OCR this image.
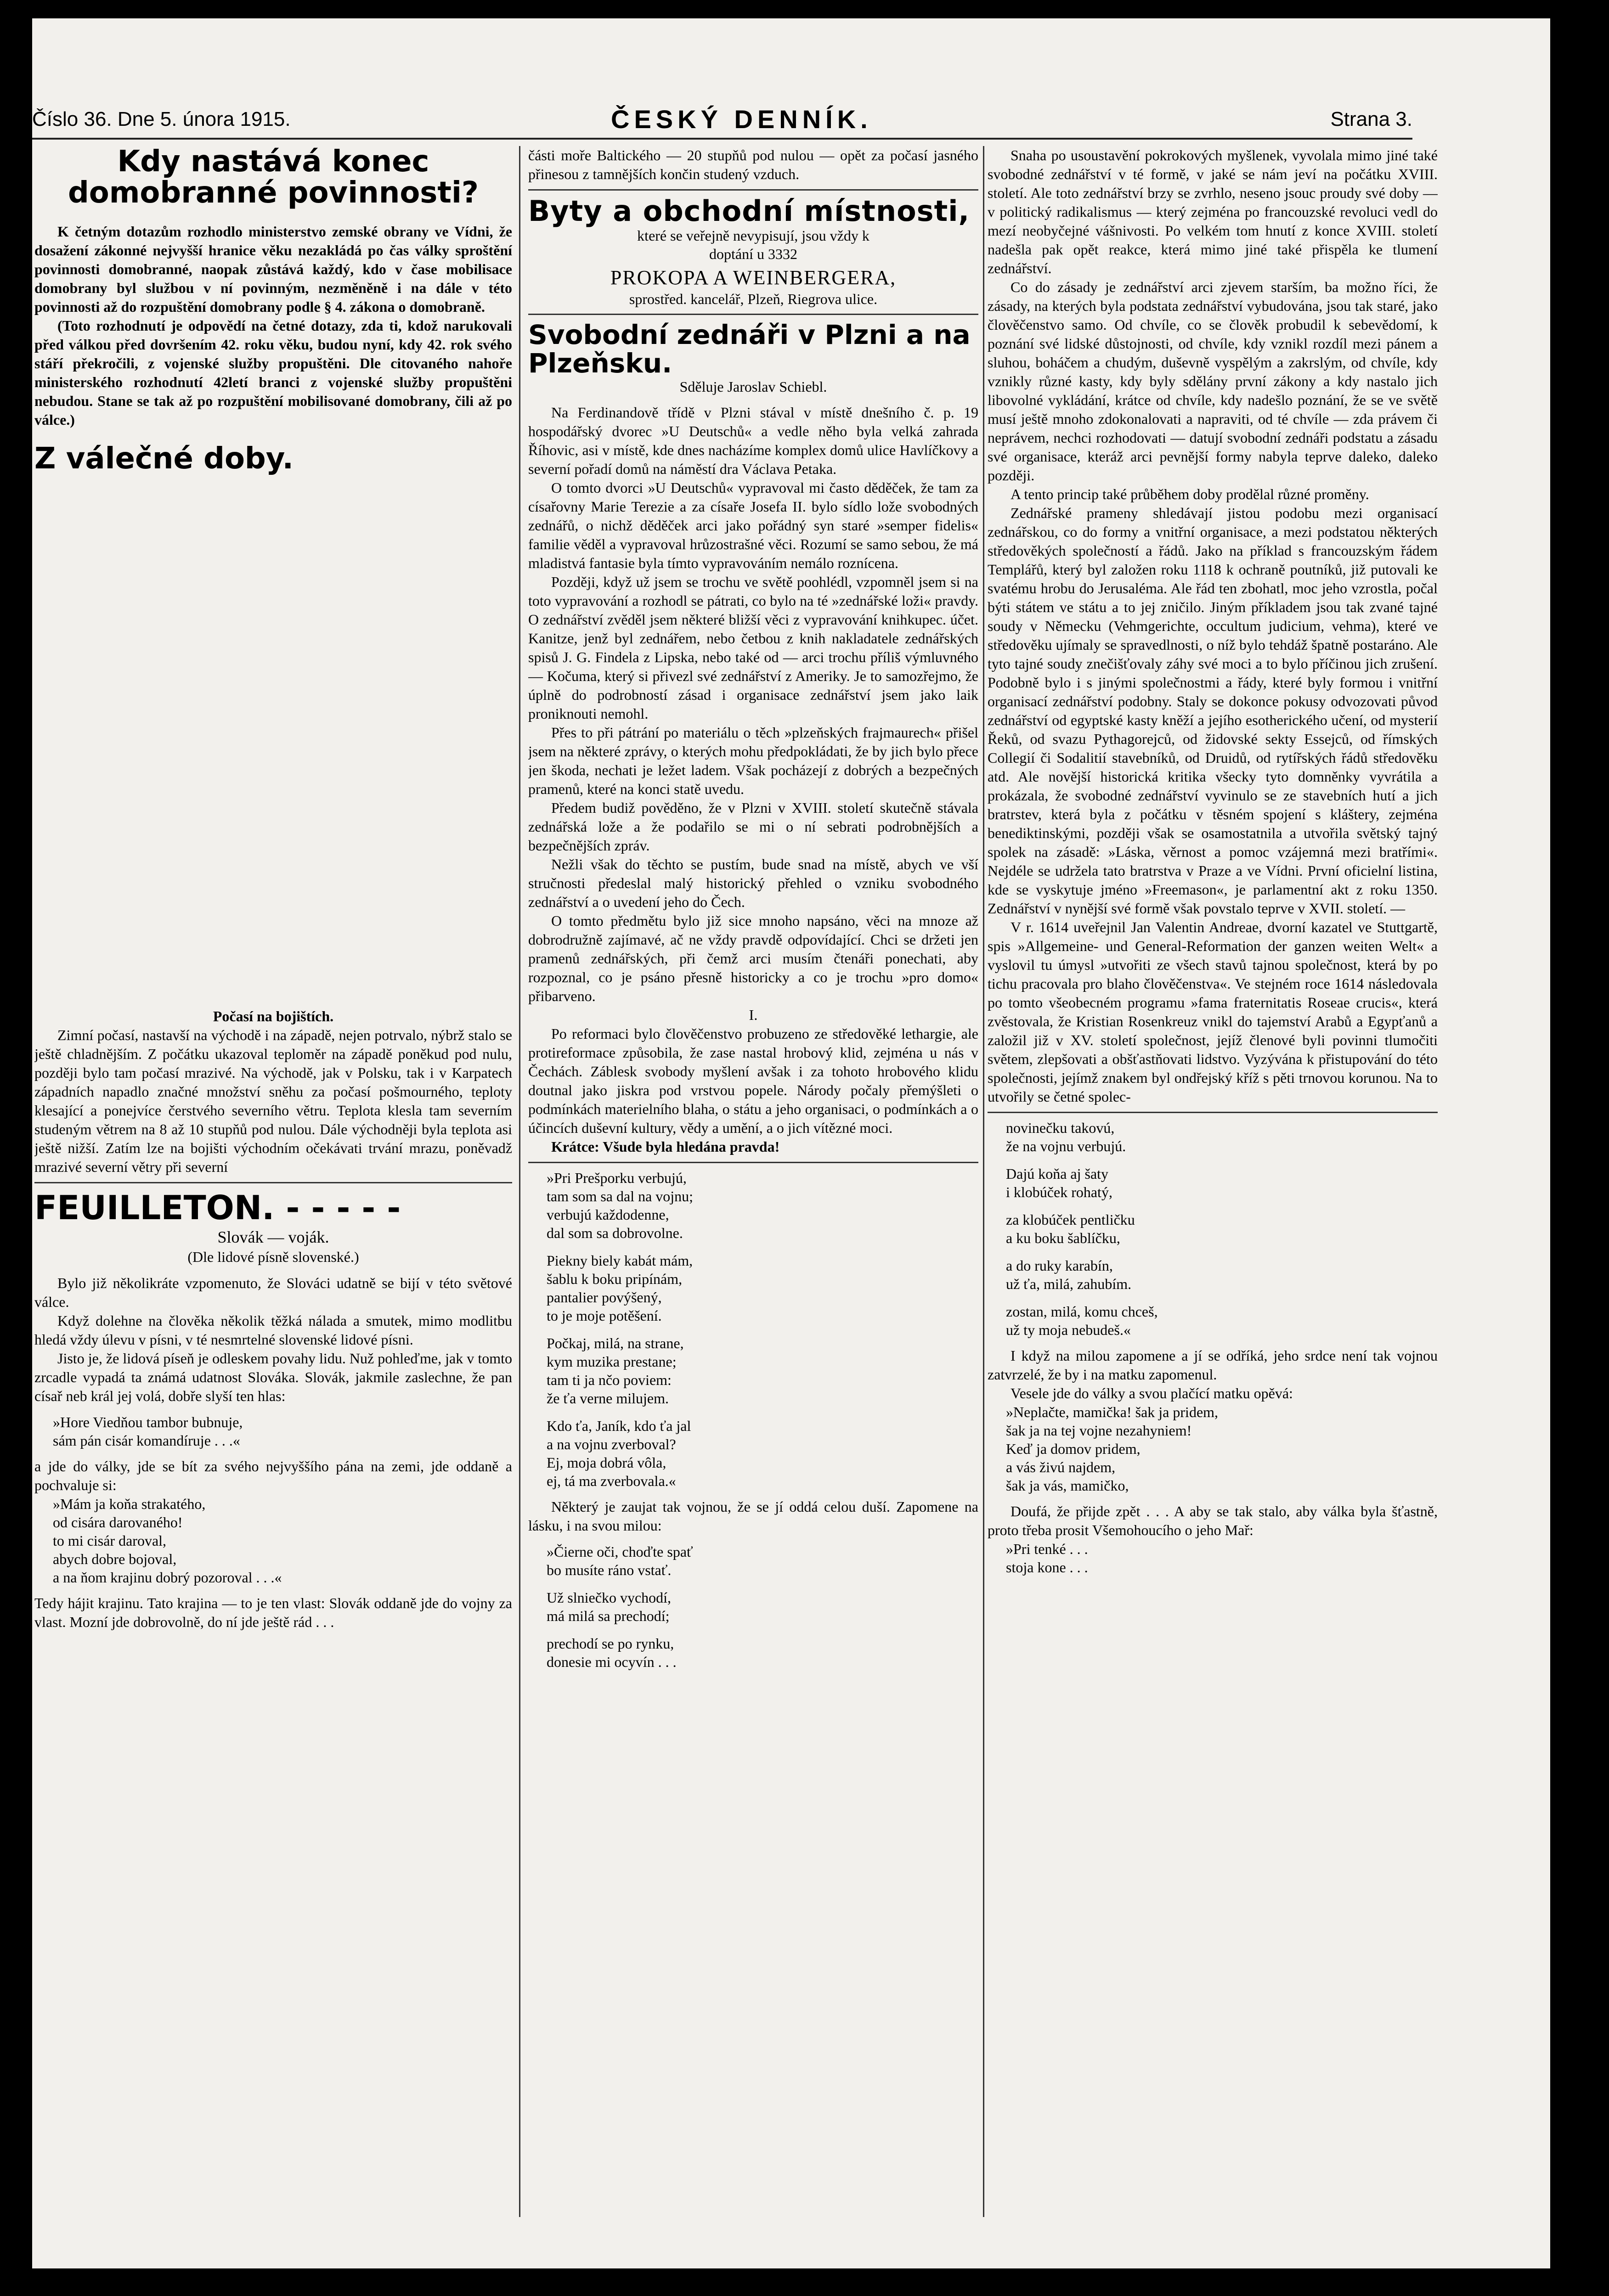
Číslo 36. Dne 5. února 1915.	ČESKÝ DENNÍK.	Strana 3.
Kdy nastává konec domobranné povinnosti?

K četným dotazům rozhodlo ministerstvo zemské obrany ve Vídni, že dosažení zákonné nejvyšší hranice věku nezakládá po čas války sproštění povinnosti domobranné, naopak zůstává každý, kdo v čase mobilisace domobrany byl službou v ní povinným, nezměněně i na dále v této povinnosti až do rozpuštění domobrany podle § 4. zákona o domobraně.

(Toto rozhodnutí je odpovědí na četné dotazy, zda ti, kdož narukovali před válkou před dovršením 42. roku věku, budou nyní, kdy 42. rok svého stáří překročili, z vojenské služby propuštěni. Dle citovaného nahoře ministerského rozhodnutí 42letí branci z vojenské služby propuštěni nebudou. Stane se tak až po rozpuštění mobilisované domobrany, čili až po válce.)

Z válečné doby.

Počasí na bojištích.

Zimní počasí, nastavší na východě i na západě, nejen potrvalo, nýbrž stalo se ještě chladnějším. Z počátku ukazoval teploměr na západě poněkud pod nulu, později bylo tam počasí mrazivé. Na východě, jak v Polsku, tak i v Karpatech západních napadlo značné množství sněhu za počasí pošmourného, teploty klesající a ponejvíce čerstvého severního větru. Teplota klesla tam severním studeným větrem na 8 až 10 stupňů pod nulou. Dále východněji byla teplota asi ještě nižší. Zatím lze na bojišti východním očekávati trvání mrazu, poněvadž mrazivé severní větry při severní

FEUILLETON. - - - - -

Slovák — voják.

(Dle lidové písně slovenské.)

Bylo již několikráte vzpomenuto, že Slováci udatně se bijí v této světové válce.

Když dolehne na člověka několik těžká nálada a smutek, mimo modlitbu hledá vždy úlevu v písni, v té nesmrtelné slovenské lidové písni.

Jisto je, že lidová píseň je odleskem povahy lidu. Nuž pohleďme, jak v tomto zrcadle vypadá ta známá udatnost Slováka. Slovák, jakmile zaslechne, že pan císař neb král jej volá, dobře slyší ten hlas:

»Hore Viedňou tambor bubnuje,
sám pán cisár komandíruje . . .«

a jde do války, jde se bít za svého nejvyššího pána na zemi, jde oddaně a pochvaluje si:

»Mám ja koňa strakatého,
od cisára darovaného!
to mi cisár daroval,
abych dobre bojoval,
a na ňom krajinu dobrý pozoroval . . .«

Tedy hájit krajinu. Tato krajina — to je ten vlast: Slovák oddaně jde do vojny za vlast. Mozní jde dobrovolně, do ní jde ještě rád . . .

části moře Baltického — 20 stupňů pod nulou — opět za počasí jasného přinesou z tamnějších končin studený vzduch.

Byty a obchodní místnosti,

které se veřejně nevypisují, jsou vždy k

doptání u 3332

PROKOPA A WEINBERGERA,

sprostřed. kancelář, Plzeň, Riegrova ulice.

Svobodní zednáři v Plzni a na Plzeňsku.

Sděluje Jaroslav Schiebl.

Na Ferdinandově třídě v Plzni stával v místě dnešního č. p. 19 hospodářský dvorec »U Deutschů« a vedle něho byla velká zahrada Říhovic, asi v místě, kde dnes nacházíme komplex domů ulice Havlíčkovy a severní pořadí domů na náměstí dra Václava Petaka.

O tomto dvorci »U Deutschů« vypravoval mi často děděček, že tam za císařovny Marie Terezie a za císaře Josefa II. bylo sídlo lože svobodných zednářů, o nichž děděček arci jako pořádný syn staré »semper fidelis« familie věděl a vypravoval hrůzostrašné věci. Rozumí se samo sebou, že má mladistvá fantasie byla tímto vypravováním nemálo roznícena.

Později, když už jsem se trochu ve světě poohlédl, vzpomněl jsem si na toto vypravování a rozhodl se pátrati, co bylo na té »zednářské loži« pravdy. O zednářství zvěděl jsem některé bližší věci z vypravování knihkupec. účet. Kanitze, jenž byl zednářem, nebo četbou z knih nakladatele zednářských spisů J. G. Findela z Lipska, nebo také od — arci trochu příliš výmluvného — Kočuma, který si přivezl své zednářství z Ameriky. Je to samozřejmo, že úplně do podrobností zásad i organisace zednářství jsem jako laik proniknouti nemohl.

Přes to při pátrání po materiálu o těch »plzeňských frajmaurech« přišel jsem na některé zprávy, o kterých mohu předpokládati, že by jich bylo přece jen škoda, nechati je ležet ladem. Však pocházejí z dobrých a bezpečných pramenů, které na konci statě uvedu.

Předem budiž pověděno, že v Plzni v XVIII. století skutečně stávala zednářská lože a že podařilo se mi o ní sebrati podrobnějších a bezpečnějších zpráv.

Nežli však do těchto se pustím, bude snad na místě, abych ve vší stručnosti předeslal malý historický přehled o vzniku svobodného zednářství a o uvedení jeho do Čech.

O tomto předmětu bylo již sice mnoho napsáno, věci na mnoze až dobrodružně zajímavé, ač ne vždy pravdě odpovídající. Chci se držeti jen pramenů zednářských, při čemž arci musím čtenáři ponechati, aby rozpoznal, co je psáno přesně historicky a co je trochu »pro domo« přibarveno.

I.

Po reformaci bylo člověčenstvo probuzeno ze středověké lethargie, ale protireformace způsobila, že zase nastal hrobový klid, zejména u nás v Čechách. Záblesk svobody myšlení avšak i za tohoto hrobového klidu doutnal jako jiskra pod vrstvou popele. Národy počaly přemýšleti o podmínkách materielního blaha, o státu a jeho organisaci, o podmínkách a o účincích duševní kultury, vědy a umění, a o jich vítězné moci.

Krátce: Všude byla hledána pravda!

»Pri Prešporku verbujú,
tam som sa dal na vojnu;
verbujú každodenne,
dal som sa dobrovolne.
Piekny biely kabát mám,
šablu k boku pripínám,
pantalier povýšený,
to je moje potěšení.
Počkaj, milá, na strane,
kym muzika prestane;
tam ti ja nčo poviem:
že ťa verne milujem.
Kdo ťa, Janík, kdo ťa jal
a na vojnu zverboval?
Ej, moja dobrá vôla,
ej, tá ma zverbovala.«

Některý je zaujat tak vojnou, že se jí oddá celou duší. Zapomene na lásku, i na svou milou:

»Čierne oči, choďte spať
bo musíte ráno vstať.
Už slniečko vychodí,
má milá sa prechodí;
prechodí se po rynku,
donesie mi ocyvín . . .

Snaha po usoustavění pokrokových myšlenek, vyvolala mimo jiné také svobodné zednářství v té formě, v jaké se nám jeví na počátku XVIII. století. Ale toto zednářství brzy se zvrhlo, neseno jsouc proudy své doby — v politický radikalismus — který zejména po francouzské revoluci vedl do mezí neobyčejné vášnivosti. Po velkém tom hnutí z konce XVIII. století nadešla pak opět reakce, která mimo jiné také přispěla ke tlumení zednářství.

Co do zásady je zednářství arci zjevem starším, ba možno říci, že zásady, na kterých byla podstata zednářství vybudována, jsou tak staré, jako člověčenstvo samo. Od chvíle, co se člověk probudil k sebevědomí, k poznání své lidské důstojnosti, od chvíle, kdy vznikl rozdíl mezi pánem a sluhou, boháčem a chudým, duševně vyspělým a zakrslým, od chvíle, kdy vznikly různé kasty, kdy byly sdělány první zákony a kdy nastalo jich libovolné vykládání, krátce od chvíle, kdy nadešlo poznání, že se ve světě musí ještě mnoho zdokonalovati a napraviti, od té chvíle — zda právem či neprávem, nechci rozhodovati — datují svobodní zednáři podstatu a zásadu své organisace, kteráž arci pevnější formy nabyla teprve daleko, daleko později.

A tento princip také průběhem doby prodělal různé proměny.

Zednářské prameny shledávají jistou podobu mezi organisací zednářskou, co do formy a vnitřní organisace, a mezi podstatou některých středověkých společností a řádů. Jako na příklad s francouzským řádem Templářů, který byl založen roku 1118 k ochraně poutníků, již putovali ke svatému hrobu do Jerusaléma. Ale řád ten zbohatl, moc jeho vzrostla, počal býti státem ve státu a to jej zničilo. Jiným příkladem jsou tak zvané tajné soudy v Německu (Vehmgerichte, occultum judicium, vehma), které ve středověku ujímaly se spravedlnosti, o níž bylo tehdáž špatně postaráno. Ale tyto tajné soudy znečišťovaly záhy své moci a to bylo příčinou jich zrušení. Podobně bylo i s jinými společnostmi a řády, které byly formou i vnitřní organisací zednářství podobny. Staly se dokonce pokusy odvozovati původ zednářství od egyptské kasty kněží a jejího esotherického učení, od mysterií Řeků, od svazu Pythagorejců, od židovské sekty Essejců, od římských Collegií či Sodalitií stavebníků, od Druidů, od rytířských řádů středověku atd. Ale novější historická kritika všecky tyto domněnky vyvrátila a prokázala, že svobodné zednářství vyvinulo se ze stavebních hutí a jich bratrstev, která byla z počátku v těsném spojení s kláštery, zejména benediktinskými, později však se osamostatnila a utvořila světský tajný spolek na zásadě: »Láska, věrnost a pomoc vzájemná mezi bratřími«. Nejdéle se udržela tato bratrstva v Praze a ve Vídni. První oficielní listina, kde se vyskytuje jméno »Freemason«, je parlamentní akt z roku 1350. Zednářství v nynější své formě však povstalo teprve v XVII. století. —

V r. 1614 uveřejnil Jan Valentin Andreae, dvorní kazatel ve Stuttgartě, spis »Allgemeine- und General-Reformation der ganzen weiten Welt« a vyslovil tu úmysl »utvořiti ze všech stavů tajnou společnost, která by po tichu pracovala pro blaho člověčenstva«. Ve stejném roce 1614 následovala po tomto všeobecném programu »fama fraternitatis Roseae crucis«, která zvěstovala, že Kristian Rosenkreuz vnikl do tajemství Arabů a Egypťanů a založil již v XV. století společnost, jejíž členové byli povinni tlumočiti světem, zlepšovati a obšťastňovati lidstvo. Vyzývána k přistupování do této společnosti, jejímž znakem byl ondřejský kříž s pěti trnovou korunou. Na to utvořily se četné spolec-

novinečku takovú,
že na vojnu verbujú.
Dajú koňa aj šaty
i klobúček rohatý,
za klobúček pentličku
a ku boku šablíčku,
a do ruky karabín,
už ťa, milá, zahubím.
zostan, milá, komu chceš,
už ty moja nebudeš.«

I když na milou zapomene a jí se odříká, jeho srdce není tak vojnou zatvrzelé, že by i na matku zapomenul.

Vesele jde do války a svou plačící matku opěvá:

»Neplačte, mamička! šak ja pridem,
šak ja na tej vojne nezahyniem!
Keď ja domov pridem,
a vás živú najdem,
šak ja vás, mamičko,

Doufá, že přijde zpět . . . A aby se tak stalo, aby válka byla šťastně, proto třeba prosit Všemohoucího o jeho Mař:

»Pri tenké . . .
stoja kone . . .
